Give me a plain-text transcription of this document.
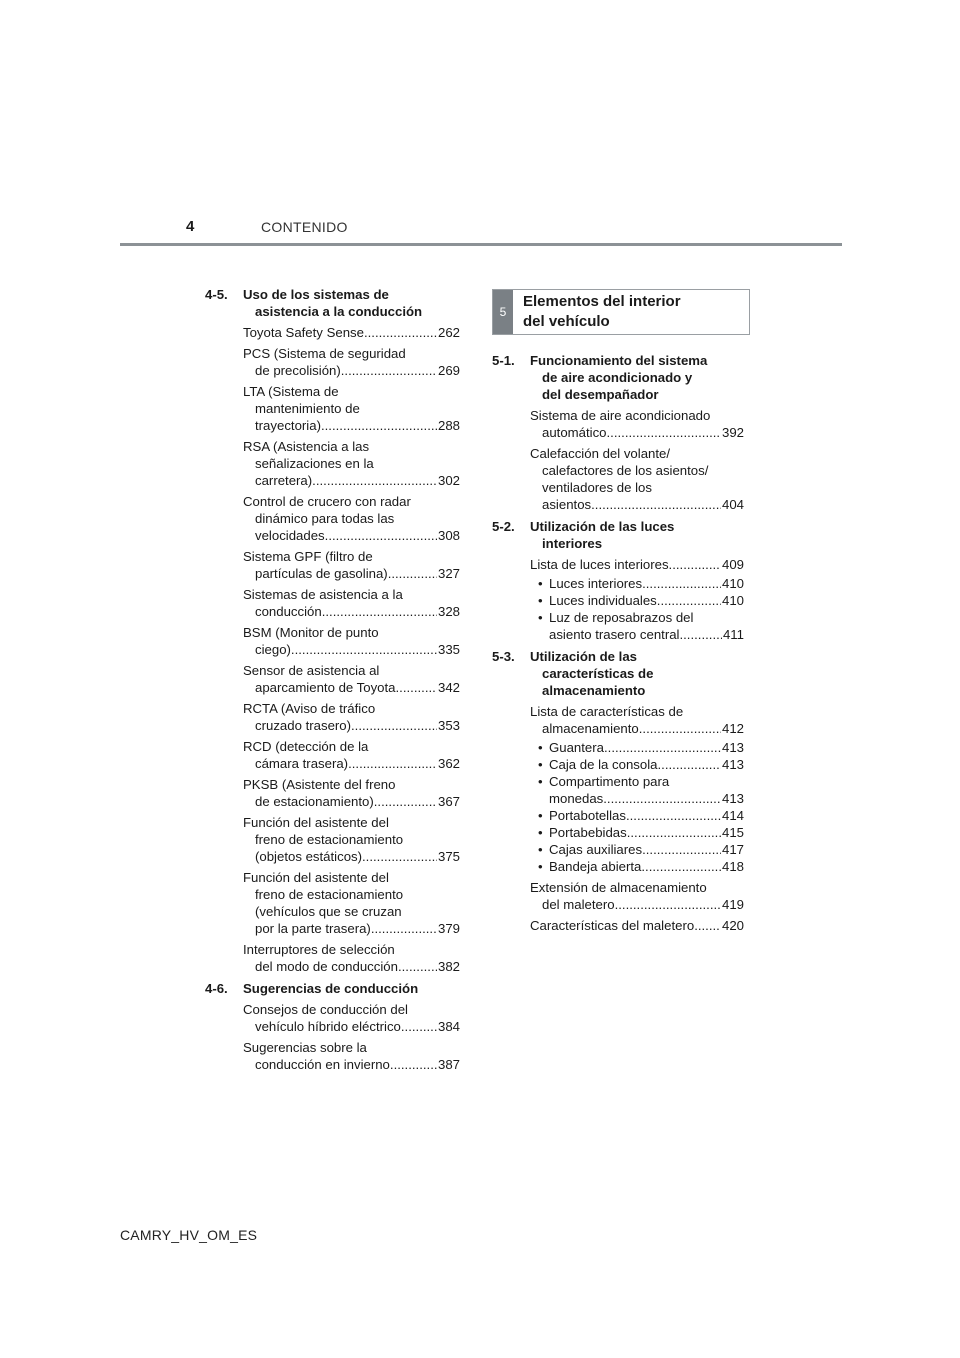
4	CONTENIDO
5
Elementos del interior
del vehículo
4-5.	Uso de los sistemas de
asistencia a la conducción
Toyota Safety Sense .....	262
PCS (Sistema de seguridad
de precolisión) .....	269
LTA (Sistema de
mantenimiento de
trayectoria) .....	288
RSA (Asistencia a las
señalizaciones en la
carretera) .....	302
Control de crucero con radar
dinámico para todas las
velocidades .....	308
Sistema GPF (filtro de
partículas de gasolina) .....	327
Sistemas de asistencia a la
conducción .....	328
BSM (Monitor de punto
ciego) .....	335
Sensor de asistencia al
aparcamiento de Toyota .....	342
RCTA (Aviso de tráfico
cruzado trasero) .....	353
RCD (detección de la
cámara trasera) .....	362
PKSB (Asistente del freno
de estacionamiento) .....	367
Función del asistente del
freno de estacionamiento
(objetos estáticos) .....	375
Función del asistente del
freno de estacionamiento
(vehículos que se cruzan
por la parte trasera) .....	379
Interruptores de selección
del modo de conducción .....	382
4-6.	Sugerencias de conducción
Consejos de conducción del
vehículo híbrido eléctrico .....	384
Sugerencias sobre la
conducción en invierno .....	387
5-1.	Funcionamiento del sistema
de aire acondicionado y
del desempañador
Sistema de aire acondicionado
automático .....	392
Calefacción del volante/
calefactores de los asientos/
ventiladores de los
asientos .....	404
5-2.	Utilización de las luces
interiores
Lista de luces interiores .....	409
• Luces interiores .....	410
• Luces individuales .....	410
• Luz de reposabrazos del
asiento trasero central .....	411
5-3.	Utilización de las
características de
almacenamiento
Lista de características de
almacenamiento .....	412
• Guantera .....	413
• Caja de la consola .....	413
• Compartimento para
monedas .....	413
• Portabotellas .....	414
• Portabebidas .....	415
• Cajas auxiliares .....	417
• Bandeja abierta .....	418
Extensión de almacenamiento
del maletero .....	419
Características del maletero ..... 420
CAMRY_HV_OM_ES
